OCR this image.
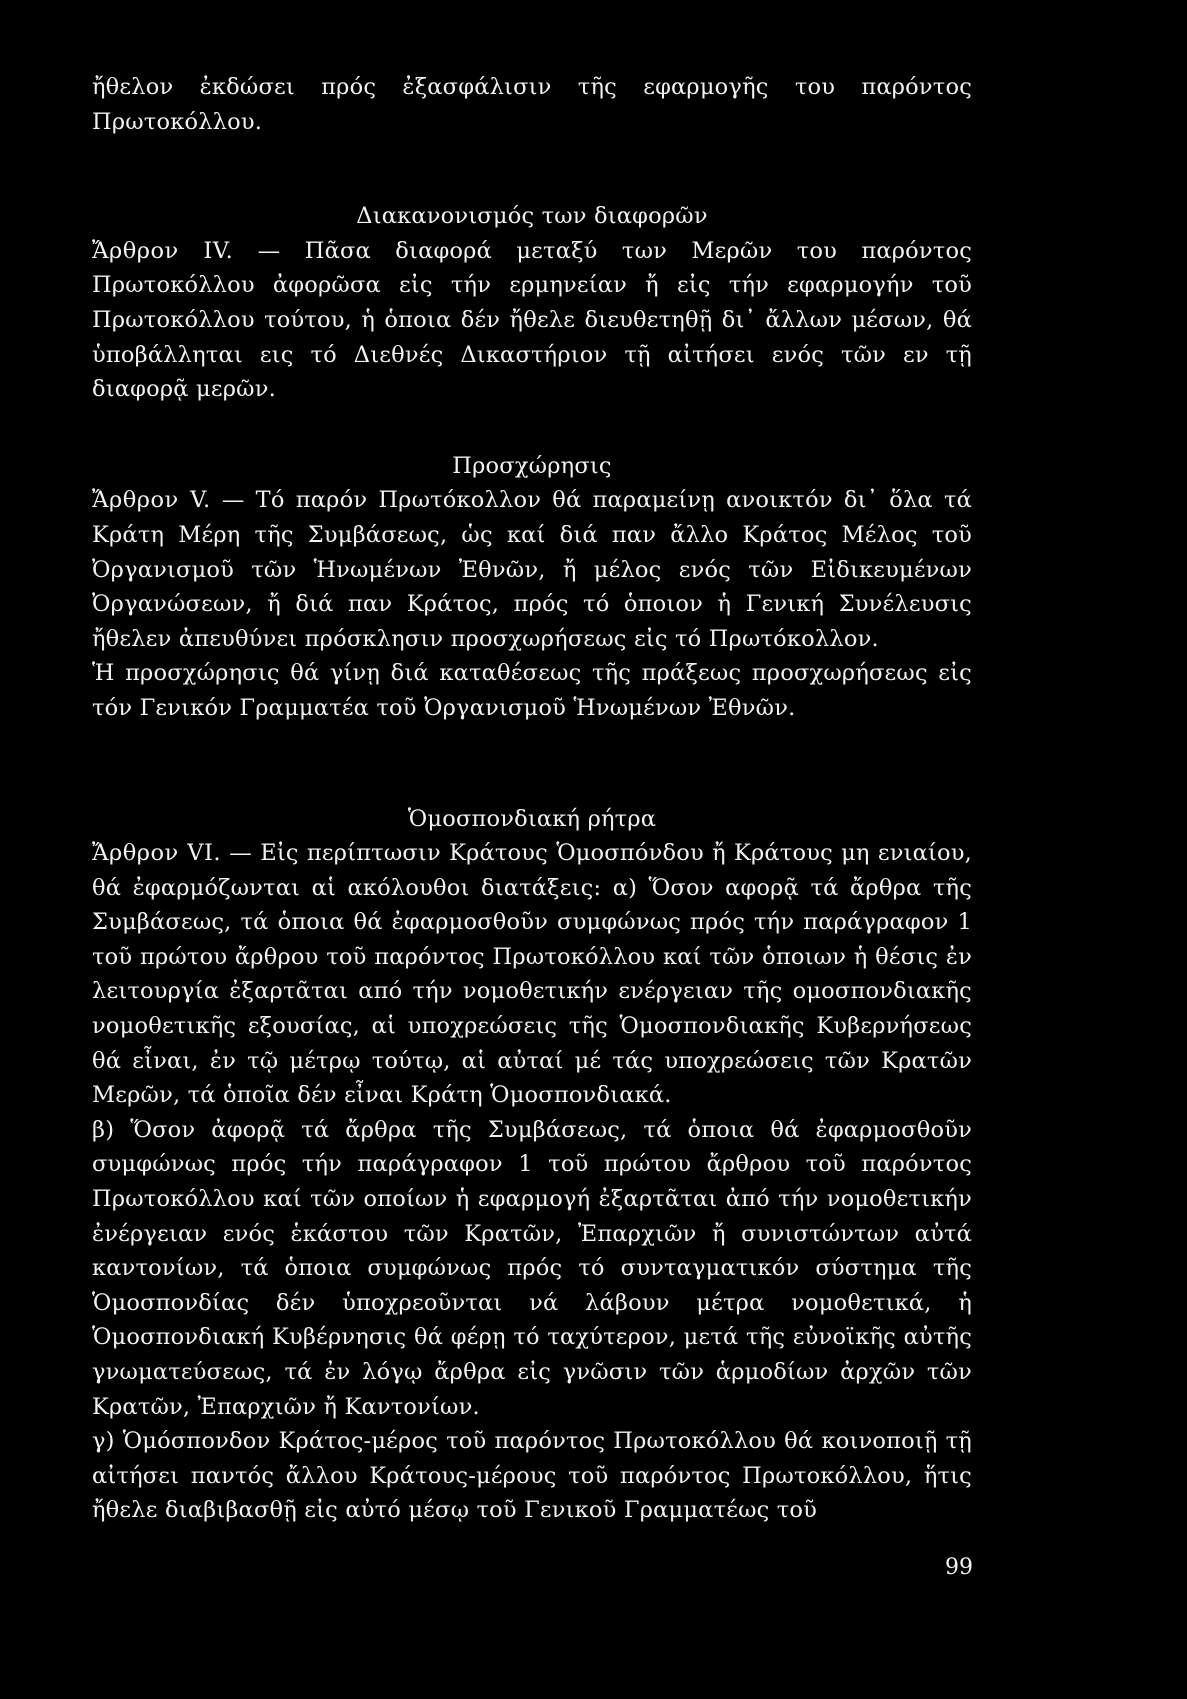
ἤθελον ἐκδώσει πρός ἐξασφάλισιν τῆς εφαρμογῆς του παρόντος Πρωτοκόλλου.

Διακανονισμός των διαφορῶν

Ἄρθρον IV. — Πᾶσα διαφορά μεταξύ των Μερῶν του παρόντος Πρωτοκόλλου ἀφορῶσα εἰς τήν ερμηνείαν ἤ εἰς τήν εφαρμογήν τοῦ Πρωτοκόλλου τούτου, ἡ ὁποια δέν ἤθελε διευθετηθῇ δι᾽ ἄλλων μέσων, θά ὑποβάλληται εις τό Διεθνές Δικαστήριον τῇ αἰτήσει ενός τῶν εν τῇ διαφορᾷ μερῶν.

Προσχώρησις

Ἄρθρον V. — Τό παρόν Πρωτόκολλον θά παραμείνῃ ανοικτόν δι᾽ ὅλα τά Κράτη Μέρη τῆς Συμβάσεως, ὡς καί διά παν ἄλλο Κράτος Μέλος τοῦ Ὀργανισμοῦ τῶν Ἡνωμένων Ἐθνῶν, ἤ μέλος ενός τῶν Εἰδικευμένων Ὀργανώσεων, ἤ διά παν Κράτος, πρός τό ὁποιον ἡ Γενική Συνέλευσις ἤθελεν ἀπευθύνει πρόσκλησιν προσχωρήσεως εἰς τό Πρωτόκολλον.

Ἡ προσχώρησις θά γίνῃ διά καταθέσεως τῆς πράξεως προσχωρήσεως εἰς τόν Γενικόν Γραμματέα τοῦ Ὀργανισμοῦ Ἡνωμένων Ἐθνῶν.

Ὁμοσπονδιακή ρήτρα

Ἄρθρον VI. — Εἰς περίπτωσιν Κράτους Ὁμοσπόνδου ἤ Κράτους μη ενιαίου, θά ἐφαρμόζωνται αἱ ακόλουθοι διατάξεις: α) Ὅσον αφορᾷ τά ἄρθρα τῆς Συμβάσεως, τά ὁποια θά ἐφαρμοσθοῦν συμφώνως πρός τήν παράγραφον 1 τοῦ πρώτου ἄρθρου τοῦ παρόντος Πρωτοκόλλου καί τῶν ὁποιων ἡ θέσις ἐν λειτουργία ἐξαρτᾶται από τήν νομοθετικήν ενέργειαν τῆς ομοσπονδιακῆς νομοθετικῆς εξουσίας, αἱ υποχρεώσεις τῆς Ὁμοσπονδιακῆς Κυβερνήσεως θά εἶναι, ἐν τῷ μέτρῳ τούτῳ, αἱ αὐταί μέ τάς υποχρεώσεις τῶν Κρατῶν Μερῶν, τά ὁποῖα δέν εἶναι Κράτη Ὁμοσπονδιακά.

β) Ὅσον ἀφορᾷ τά ἄρθρα τῆς Συμβάσεως, τά ὁποια θά ἐφαρμοσθοῦν συμφώνως πρός τήν παράγραφον 1 τοῦ πρώτου ἄρθρου τοῦ παρόντος Πρωτοκόλλου καί τῶν οποίων ἡ εφαρμογή ἐξαρτᾶται ἀπό τήν νομοθετικήν ἐνέργειαν ενός ἑκάστου τῶν Κρατῶν, Ἐπαρχιῶν ἤ συνιστώντων αὐτά καντονίων, τά ὁποια συμφώνως πρός τό συνταγματικόν σύστημα τῆς Ὁμοσπονδίας δέν ὑποχρεοῦνται νά λάβουν μέτρα νομοθετικά, ἡ Ὁμοσπονδιακή Κυβέρνησις θά φέρῃ τό ταχύτερον, μετά τῆς εὐνοϊκῆς αὐτῆς γνωματεύσεως, τά ἐν λόγῳ ἄρθρα εἰς γνῶσιν τῶν ἁρμοδίων ἀρχῶν τῶν Κρατῶν, Ἐπαρχιῶν ἤ Καντονίων.

γ) Ὁμόσπονδον Κράτος-μέρος τοῦ παρόντος Πρωτοκόλλου θά κοινοποιῇ τῇ αἰτήσει παντός ἄλλου Κράτους-μέρους τοῦ παρόντος Πρωτοκόλλου, ἥτις ἤθελε διαβιβασθῇ εἰς αὐτό μέσῳ τοῦ Γενικοῦ Γραμματέως τοῦ

99
